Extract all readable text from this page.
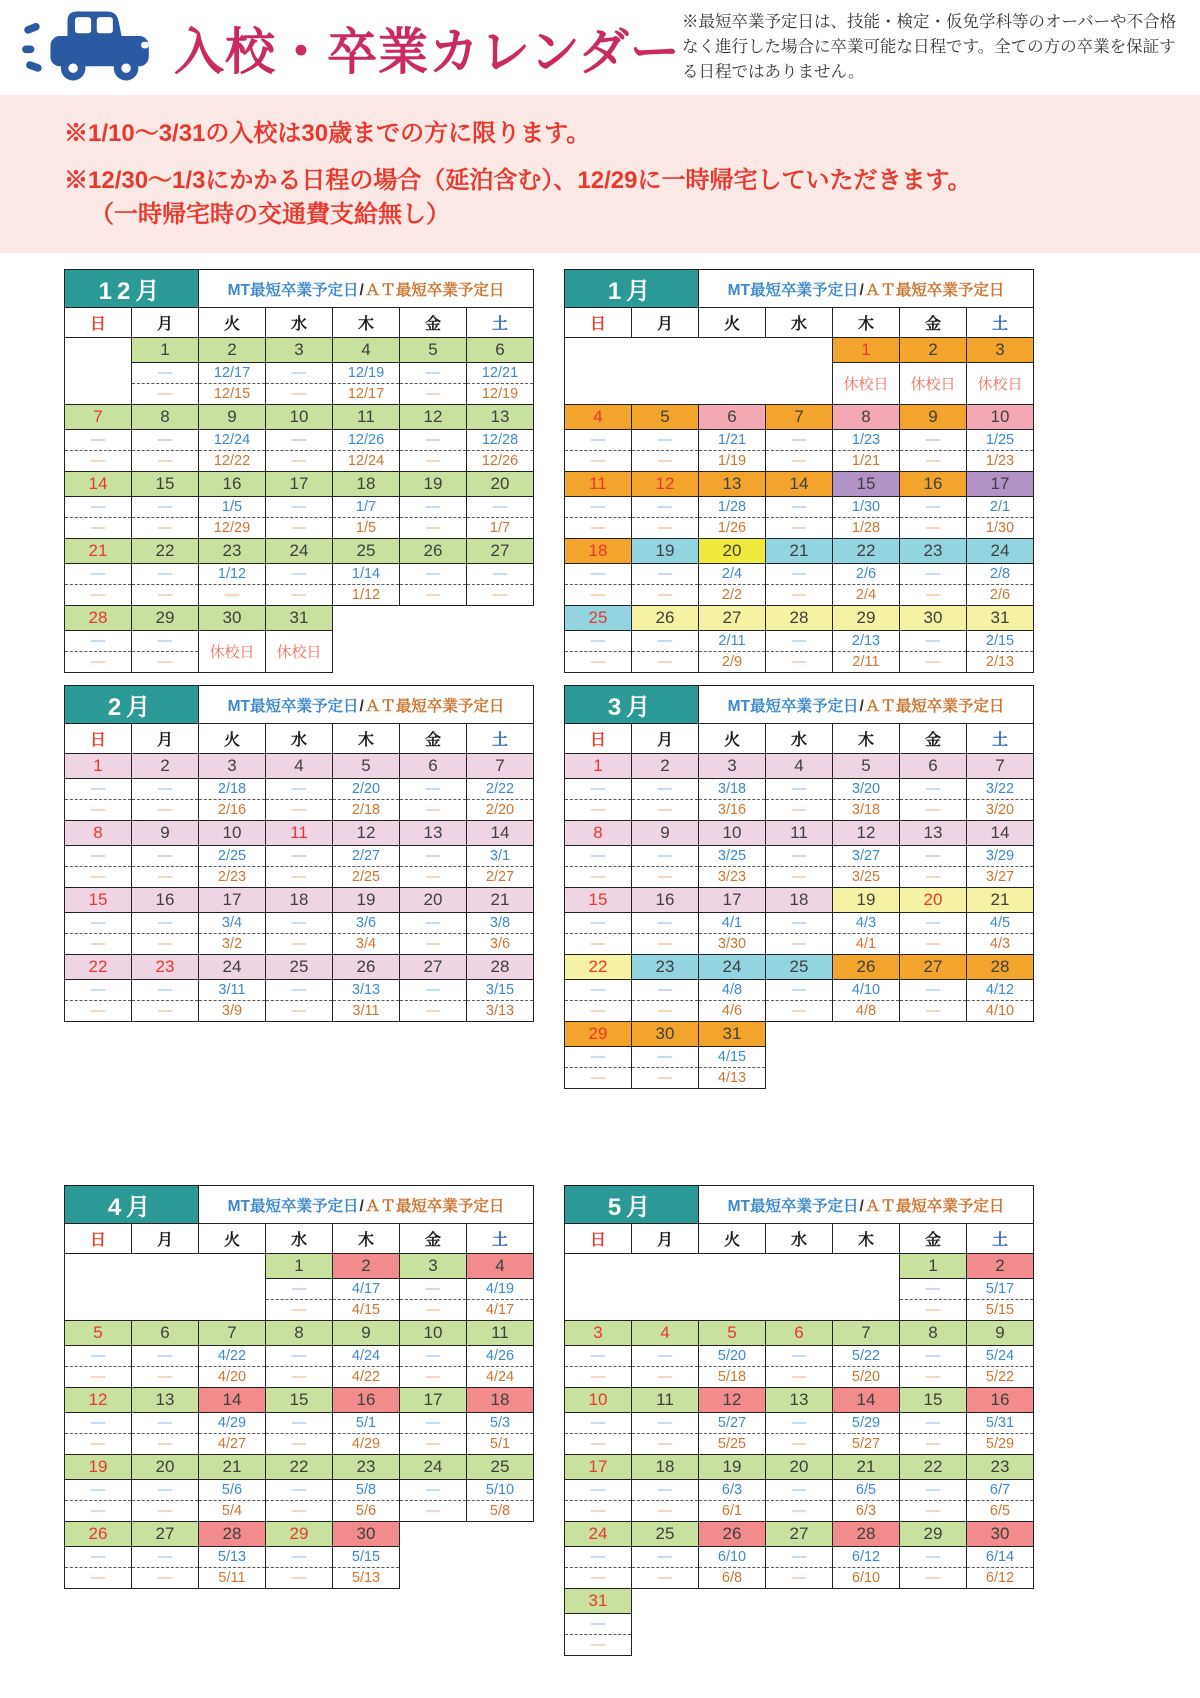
入校・卒業カレンダー

※最短卒業予定日は、技能・検定・仮免学科等のオーバーや不合格なく進行した場合に卒業可能な日程です。全ての方の卒業を保証する日程ではありません。

※1/10～3/31の入校は30歳までの方に限ります。

※12/30～1/3にかかる日程の場合（延泊含む）、12/29に一時帰宅していただきます。
（一時帰宅時の交通費支給無し）
12月		MT最短卒業予定日/ＡＴ最短卒業予定日				
日	月	火	水	木	金	土
	1	2	3	4	5	6
	—	12/17	—	12/19	—	12/21
	—	12/15	—	12/17	—	12/19
7	8	9	10	11	12	13
—	—	12/24	—	12/26	—	12/28
—	—	12/22	—	12/24	—	12/26
14	15	16	17	18	19	20
—	—	1/5	—	1/7	—	—
—	—	12/29	—	1/5	—	1/7
21	22	23	24	25	26	27
—	—	1/12	—	1/14	—	—
—	—	—	—	1/12	—	—
28	29	30	31			
—	—	休校日	休校日			
—	—					
1月		MT最短卒業予定日/ＡＴ最短卒業予定日				
日	月	火	水	木	金	土
				1	2	3
				休校日	休校日	休校日

4	5	6	7	8	9	10
—	—	1/21	—	1/23	—	1/25
—	—	1/19	—	1/21	—	1/23
11	12	13	14	15	16	17
—	—	1/28	—	1/30	—	2/1
—	—	1/26	—	1/28	—	1/30
18	19	20	21	22	23	24
—	—	2/4	—	2/6	—	2/8
—	—	2/2	—	2/4	—	2/6
25	26	27	28	29	30	31
—	—	2/11	—	2/13	—	2/15
—	—	2/9	—	2/11	—	2/13
2月		MT最短卒業予定日/ＡＴ最短卒業予定日				
日	月	火	水	木	金	土
1	2	3	4	5	6	7
—	—	2/18	—	2/20	—	2/22
—	—	2/16	—	2/18	—	2/20
8	9	10	11	12	13	14
—	—	2/25	—	2/27	—	3/1
—	—	2/23	—	2/25	—	2/27
15	16	17	18	19	20	21
—	—	3/4	—	3/6	—	3/8
—	—	3/2	—	3/4	—	3/6
22	23	24	25	26	27	28
—	—	3/11	—	3/13	—	3/15
—	—	3/9	—	3/11	—	3/13
3月		MT最短卒業予定日/ＡＴ最短卒業予定日				
日	月	火	水	木	金	土
1	2	3	4	5	6	7
—	—	3/18	—	3/20	—	3/22
—	—	3/16	—	3/18	—	3/20
8	9	10	11	12	13	14
—	—	3/25	—	3/27	—	3/29
—	—	3/23	—	3/25	—	3/27
15	16	17	18	19	20	21
—	—	4/1	—	4/3	—	4/5
—	—	3/30	—	4/1	—	4/3
22	23	24	25	26	27	28
—	—	4/8	—	4/10	—	4/12
—	—	4/6	—	4/8	—	4/10
29	30	31				
—	—	4/15				
—	—	4/13				
4月		MT最短卒業予定日/ＡＴ最短卒業予定日				
日	月	火	水	木	金	土
			1	2	3	4
			—	4/17	—	4/19
			—	4/15	—	4/17
5	6	7	8	9	10	11
—	—	4/22	—	4/24	—	4/26
—	—	4/20	—	4/22	—	4/24
12	13	14	15	16	17	18
—	—	4/29	—	5/1	—	5/3
—	—	4/27	—	4/29	—	5/1
19	20	21	22	23	24	25
—	—	5/6	—	5/8	—	5/10
—	—	5/4	—	5/6	—	5/8
26	27	28	29	30		
—	—	5/13	—	5/15		
—	—	5/11	—	5/13		
5月		MT最短卒業予定日/ＡＴ最短卒業予定日				
日	月	火	水	木	金	土
					1	2
					—	5/17
					—	5/15
3	4	5	6	7	8	9
—	—	5/20	—	5/22	—	5/24
—	—	5/18	—	5/20	—	5/22
10	11	12	13	14	15	16
—	—	5/27	—	5/29	—	5/31
—	—	5/25	—	5/27	—	5/29
17	18	19	20	21	22	23
—	—	6/3	—	6/5	—	6/7
—	—	6/1	—	6/3	—	6/5
24	25	26	27	28	29	30
—	—	6/10	—	6/12	—	6/14
—	—	6/8	—	6/10	—	6/12
31						
—						
—						
